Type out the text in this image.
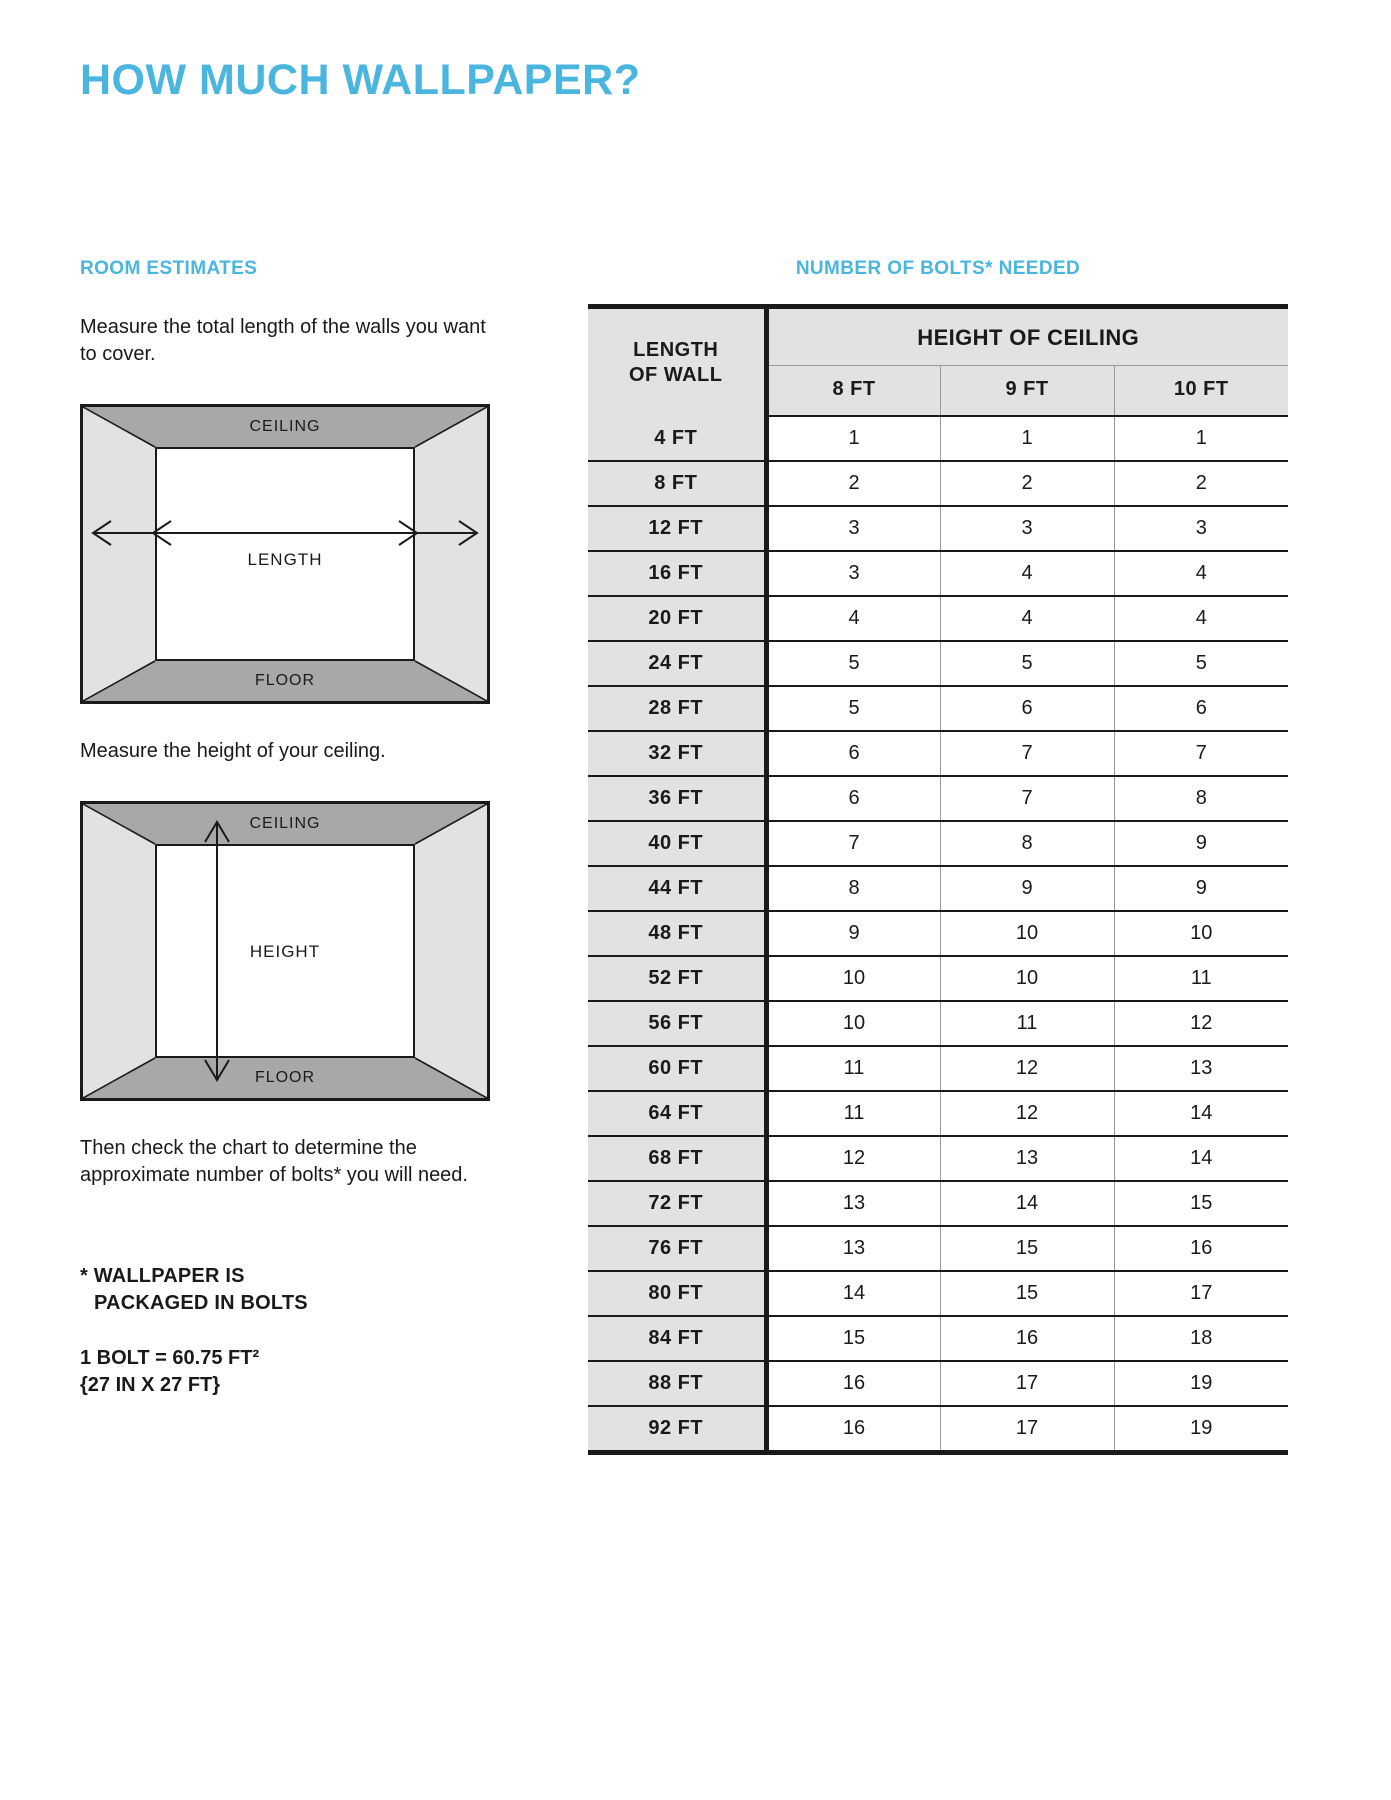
HOW MUCH WALLPAPER?
ROOM ESTIMATES
Measure the total length of the walls you want to cover.
CEILING
FLOOR
LENGTH
Measure the height of your ceiling.
CEILING
FLOOR
HEIGHT
Then check the chart to determine the approximate number of bolts* you will need.
* WALLPAPER IS
PACKAGED IN BOLTS
1 BOLT = 60.75 FT²
{27 IN X 27 FT}
NUMBER OF BOLTS* NEEDED
LENGTH
OF WALL	HEIGHT OF CEILING		
	8 FT	9 FT	10 FT
4 FT	1	1	1
8 FT	2	2	2
12 FT	3	3	3
16 FT	3	4	4
20 FT	4	4	4
24 FT	5	5	5
28 FT	5	6	6
32 FT	6	7	7
36 FT	6	7	8
40 FT	7	8	9
44 FT	8	9	9
48 FT	9	10	10
52 FT	10	10	11
56 FT	10	11	12
60 FT	11	12	13
64 FT	11	12	14
68 FT	12	13	14
72 FT	13	14	15
76 FT	13	15	16
80 FT	14	15	17
84 FT	15	16	18
88 FT	16	17	19
92 FT	16	17	19
